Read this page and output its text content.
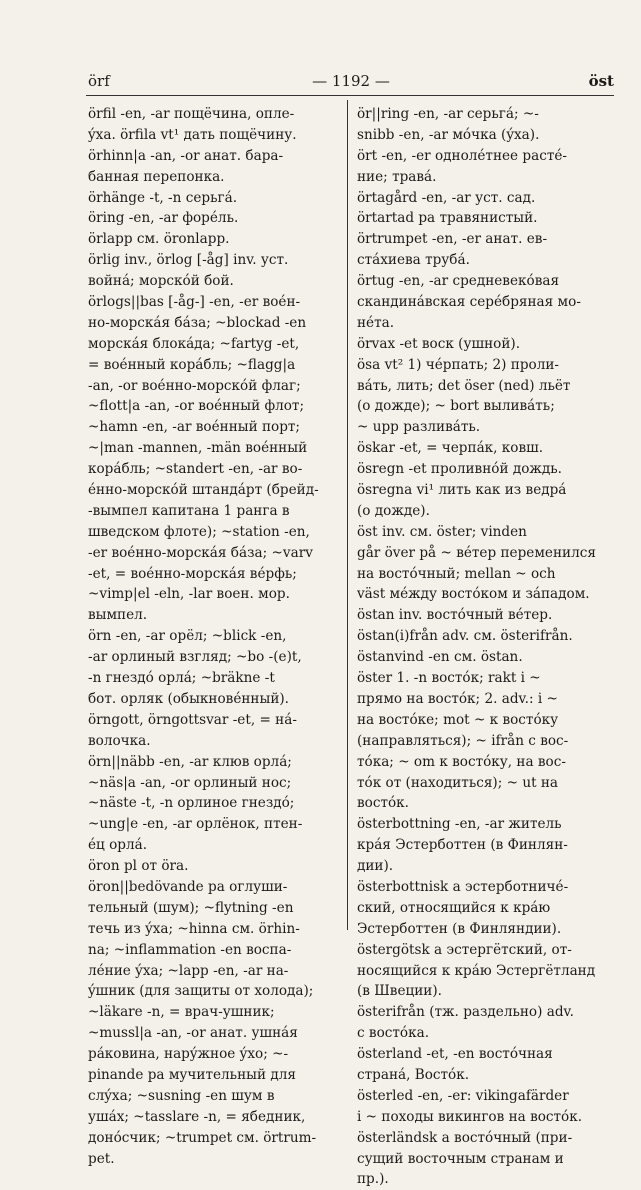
örf	— 1192 —	öst
örfil -en, -ar пощёчина, опле-
ýха. örfila vt¹ дать пощёчину.
örhinn|a -an, -or анат. бара-
банная перепонка.
örhänge -t, -n серьгá.
öring -en, -ar форéль.
örlapp см. öronlapp.
örlig inv., örlog [-åg] inv. уст.
войнá; морскóй бой.
örlogs||bas [-åg-] -en, -er воéн-
но-морскáя бáза; ~blockad -en
морскáя блокáда; ~fartyg -et,
= воéнный корáбль; ~flagg|a
-an, -or воéнно-морскóй флаг;
~flott|a -an, -or воéнный флот;
~hamn -en, -ar воéнный порт;
~|man -mannen, -män воéнный
корáбль; ~standert -en, -ar во-
éнно-морскóй штандáрт (брейд-
-вымпел капитана 1 ранга в
шведском флоте); ~station -en,
-er воéнно-морскáя бáза; ~varv
-et, = воéнно-морскáя вéрфь;
~vimp|el -eln, -lar воен. мор.
вымпел.
örn -en, -ar орёл; ~blick -en,
-ar орлиный взгляд; ~bo -(e)t,
-n гнездó орлá; ~bräkne -t
бот. орляк (обыкновéнный).
örngott, örngottsvar -et, = нá-
волочка.
örn||näbb -en, -ar клюв орлá;
~näs|a -an, -or орлиный нос;
~näste -t, -n орлиное гнездó;
~ung|e -en, -ar орлёнок, птен-
éц орлá.
öron pl от öra.
öron||bedövande pa оглуши-
тельный (шум); ~flytning -en
течь из ýха; ~hinna см. örhin-
na; ~inflammation -en воспа-
лéние ýха; ~lapp -en, -ar на-
ýшник (для защиты от холода);
~läkare -n, = врач-ушник;
~mussl|a -an, -or анат. ушнáя
рáковина, нарýжное ýхо; ~-
pinande pa мучительный для
слýха; ~susning -en шум в
ушáх; ~tasslare -n, = ябедник,
донóсчик; ~trumpet см. örtrum-
pet.
ör||ring -en, -ar серьгá; ~-
snibb -en, -ar мóчка (ýха).
ört -en, -er однолéтнее растé-
ние; травá.
örtagård -en, -ar уст. сад.
örtartad pa травянистый.
örtrumpet -en, -er анат. ев-
стáхиева трубá.
örtug -en, -ar средневекóвая
скандинáвская серéбряная мо-
нéта.
örvax -et воск (ушной).
ösa vt² 1) чéрпать; 2) проли-
вáть, лить; det öser (ned) льёт
(о дожде); ~ bort выливáть;
~ upp разливáть.
öskar -et, = черпáк, ковш.
ösregn -et проливнóй дождь.
ösregna vi¹ лить как из ведрá
(о дожде).
öst inv. см. öster; vinden
går över på ~ вéтер переменился
на востóчный; mellan ~ och
väst мéжду востóком и зáпадом.
östan inv. востóчный вéтер.
östan(i)från adv. см. österifrån.
östanvind -en см. östan.
öster 1. -n востóк; rakt i ~
прямо на востóк; 2. adv.: i ~
на востóке; mot ~ к востóку
(направляться); ~ ifrån с вос-
тóка; ~ om к востóку, на вос-
тóк от (находиться); ~ ut на
востóк.
österbottning -en, -ar житель
крáя Эстерботтен (в Финлян-
дии).
österbottnisk a эстерботничé-
ский, относящийся к крáю
Эстерботтен (в Финляндии).
östergötsk a эстергётский, от-
носящийся к крáю Эстергётланд
(в Швеции).
österifrån (тж. раздельно) adv.
с востóка.
österland -et, -en востóчная
странá, Востóк.
österled -en, -er: vikingafärder
i ~ походы викингов на востóк.
österländsk a востóчный (при-
сущий восточным странам и
пр.).
